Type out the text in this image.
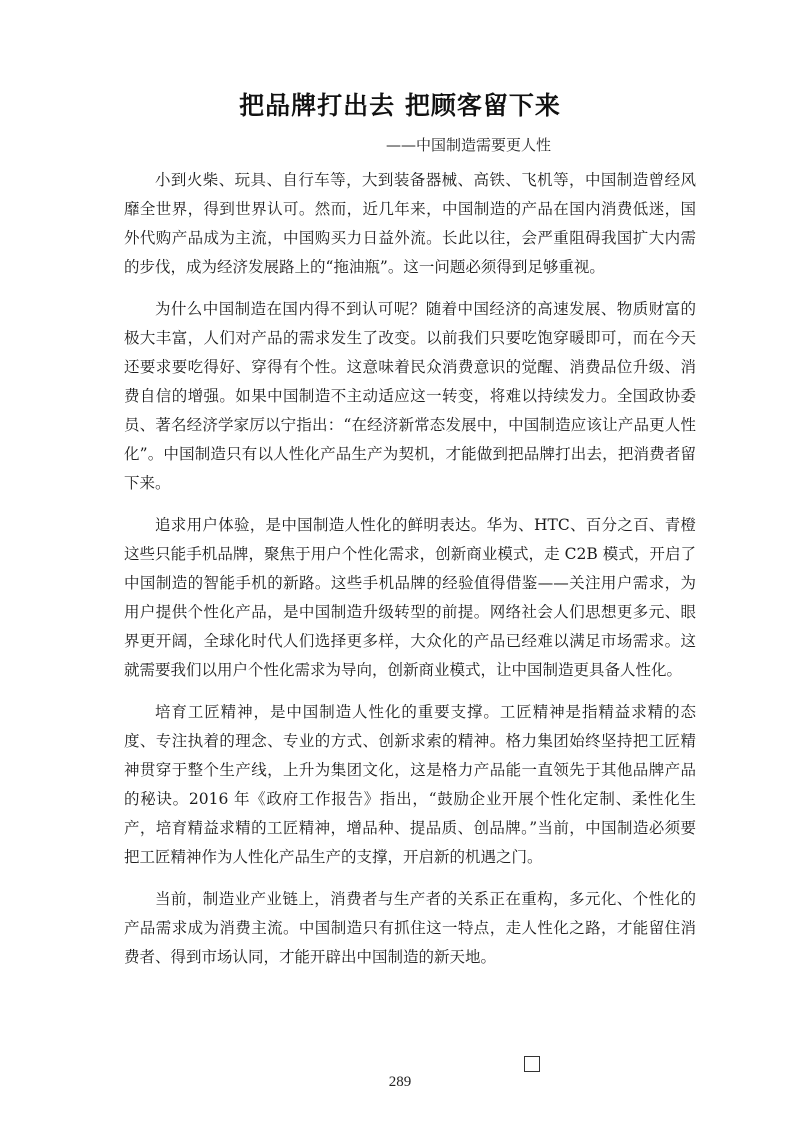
把品牌打出去 把顾客留下来

——中国制造需要更人性

小到火柴、玩具、自行车等，大到装备器械、高铁、飞机等，中国制造曾经风靡全世界，得到世界认可。然而，近几年来，中国制造的产品在国内消费低迷，国外代购产品成为主流，中国购买力日益外流。长此以往，会严重阻碍我国扩大内需的步伐，成为经济发展路上的“拖油瓶”。这一问题必须得到足够重视。

为什么中国制造在国内得不到认可呢？随着中国经济的高速发展、物质财富的极大丰富，人们对产品的需求发生了改变。以前我们只要吃饱穿暖即可，而在今天还要求要吃得好、穿得有个性。这意味着民众消费意识的觉醒、消费品位升级、消费自信的增强。如果中国制造不主动适应这一转变，将难以持续发力。全国政协委员、著名经济学家厉以宁指出：“在经济新常态发展中，中国制造应该让产品更人性化”。中国制造只有以人性化产品生产为契机，才能做到把品牌打出去，把消费者留下来。

追求用户体验，是中国制造人性化的鲜明表达。华为、HTC、百分之百、青橙这些只能手机品牌，聚焦于用户个性化需求，创新商业模式，走 C2B 模式，开启了中国制造的智能手机的新路。这些手机品牌的经验值得借鉴——关注用户需求，为用户提供个性化产品，是中国制造升级转型的前提。网络社会人们思想更多元、眼界更开阔，全球化时代人们选择更多样，大众化的产品已经难以满足市场需求。这就需要我们以用户个性化需求为导向，创新商业模式，让中国制造更具备人性化。

培育工匠精神，是中国制造人性化的重要支撑。工匠精神是指精益求精的态度、专注执着的理念、专业的方式、创新求索的精神。格力集团始终坚持把工匠精神贯穿于整个生产线，上升为集团文化，这是格力产品能一直领先于其他品牌产品的秘诀。2016 年《政府工作报告》指出，“鼓励企业开展个性化定制、柔性化生产，培育精益求精的工匠精神，增品种、提品质、创品牌。”当前，中国制造必须要把工匠精神作为人性化产品生产的支撑，开启新的机遇之门。

当前，制造业产业链上，消费者与生产者的关系正在重构，多元化、个性化的产品需求成为消费主流。中国制造只有抓住这一特点，走人性化之路，才能留住消费者、得到市场认同，才能开辟出中国制造的新天地。

289
